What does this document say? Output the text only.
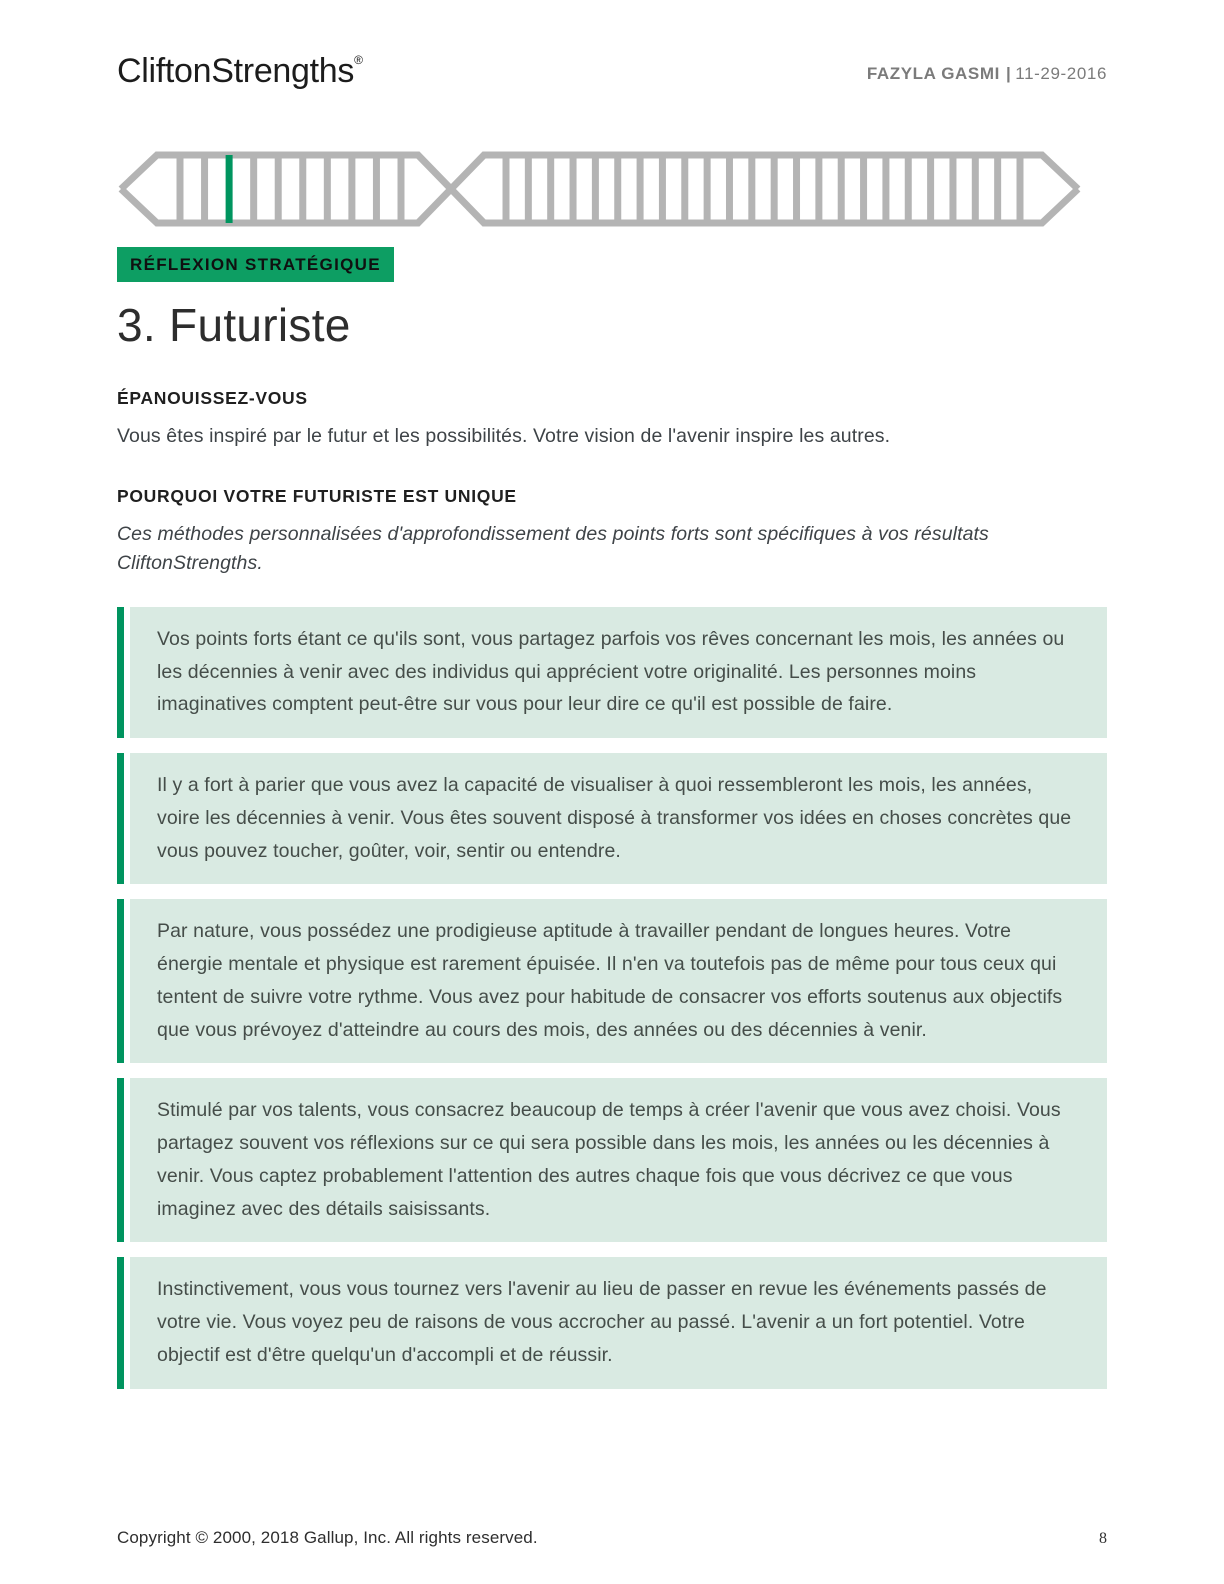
CliftonStrengths®
FAZYLA GASMI | 11-29-2016
RÉFLEXION STRATÉGIQUE
3. Futuriste
ÉPANOUISSEZ-VOUS

Vous êtes inspiré par le futur et les possibilités. Votre vision de l'avenir inspire les autres.

POURQUOI VOTRE FUTURISTE EST UNIQUE

Ces méthodes personnalisées d'approfondissement des points forts sont spécifiques à vos résultats CliftonStrengths.

Vos points forts étant ce qu'ils sont, vous partagez parfois vos rêves concernant les mois, les années ou les décennies à venir avec des individus qui apprécient votre originalité. Les personnes moins imaginatives comptent peut-être sur vous pour leur dire ce qu'il est possible de faire.
Il y a fort à parier que vous avez la capacité de visualiser à quoi ressembleront les mois, les années, voire les décennies à venir. Vous êtes souvent disposé à transformer vos idées en choses concrètes que vous pouvez toucher, goûter, voir, sentir ou entendre.
Par nature, vous possédez une prodigieuse aptitude à travailler pendant de longues heures. Votre énergie mentale et physique est rarement épuisée. Il n'en va toutefois pas de même pour tous ceux qui tentent de suivre votre rythme. Vous avez pour habitude de consacrer vos efforts soutenus aux objectifs que vous prévoyez d'atteindre au cours des mois, des années ou des décennies à venir.
Stimulé par vos talents, vous consacrez beaucoup de temps à créer l'avenir que vous avez choisi. Vous partagez souvent vos réflexions sur ce qui sera possible dans les mois, les années ou les décennies à venir. Vous captez probablement l'attention des autres chaque fois que vous décrivez ce que vous imaginez avec des détails saisissants.
Instinctivement, vous vous tournez vers l'avenir au lieu de passer en revue les événements passés de votre vie. Vous voyez peu de raisons de vous accrocher au passé. L'avenir a un fort potentiel. Votre objectif est d'être quelqu'un d'accompli et de réussir.
Copyright © 2000, 2018 Gallup, Inc. All rights reserved.	8
